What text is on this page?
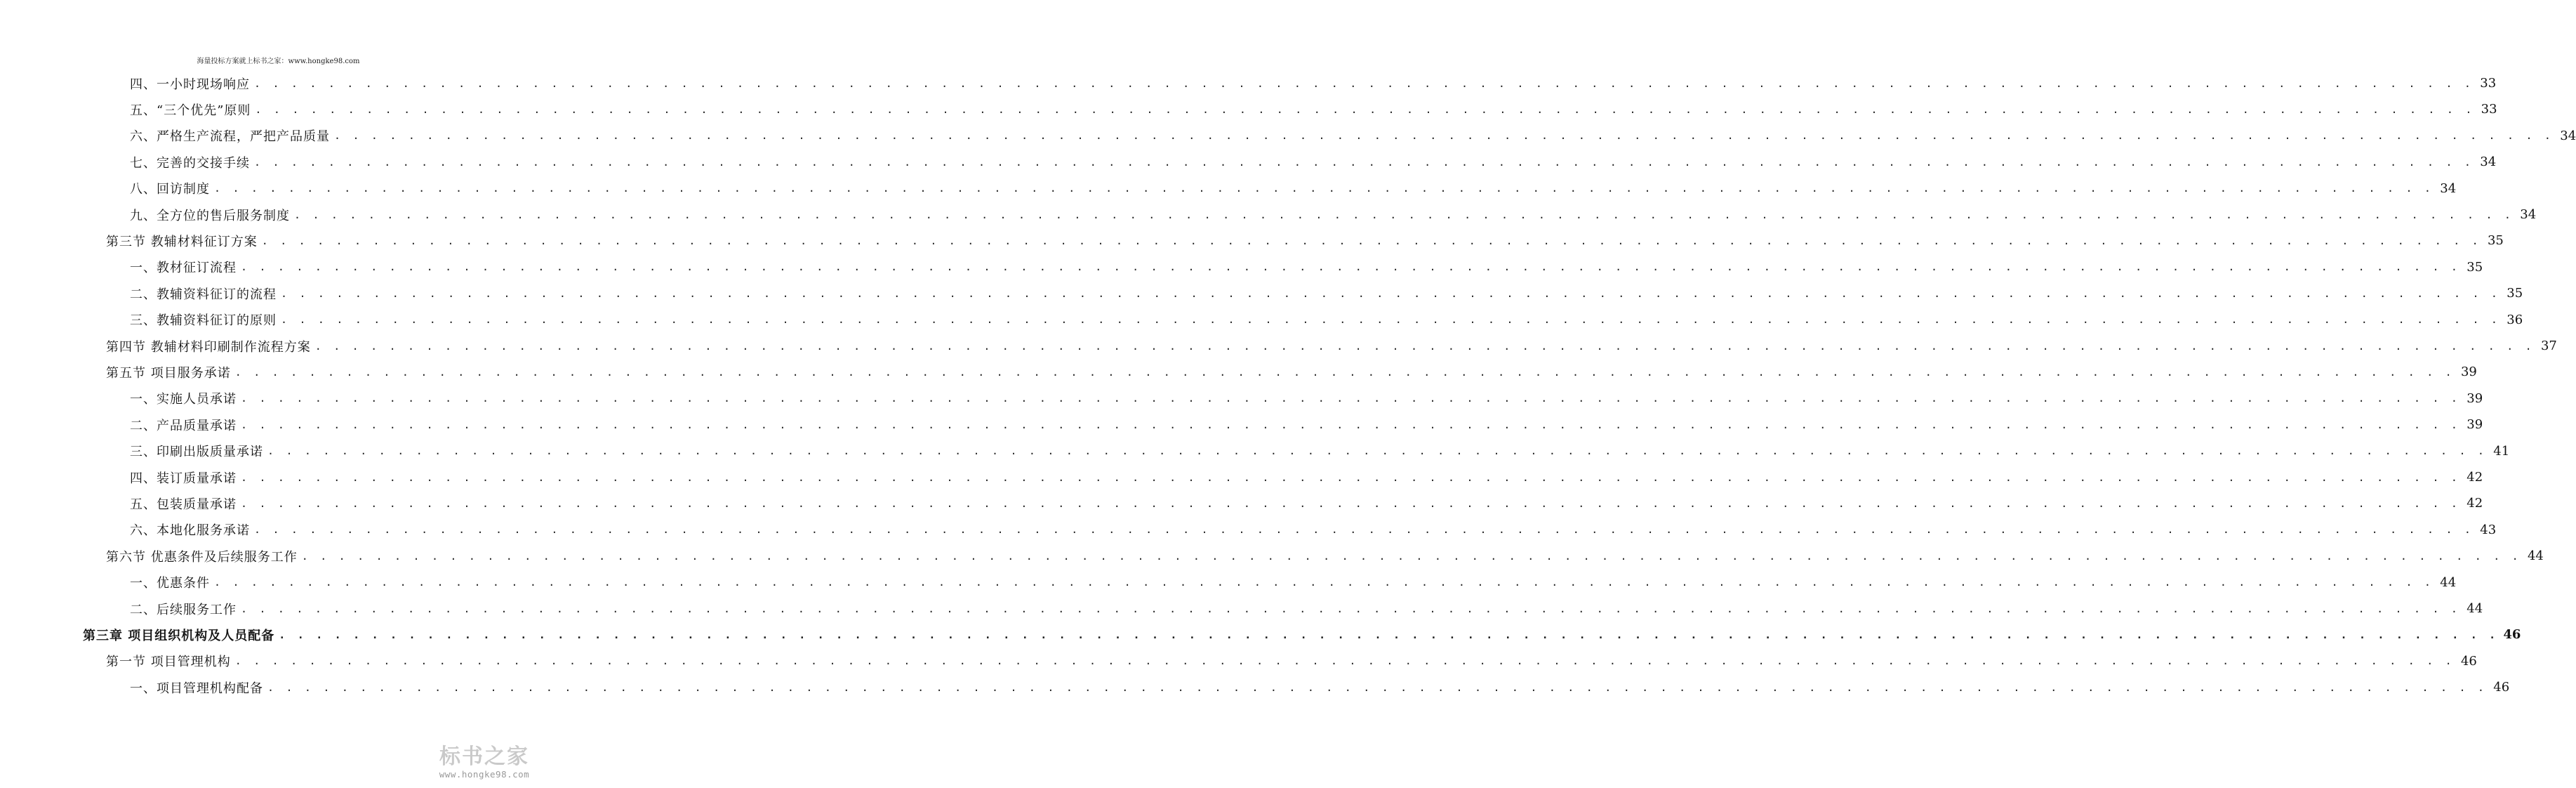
海量投标方案就上标书之家：www.hongke98.com
四、一小时现场响应 . . . . . . . . . . . . . . . . . . . . . . . . . . . . . . . . . . . . . . . . . . . . . . . . . . . . . . . . . . . . . . . . . . . . . . . . . . . . . . . . . . . . . . . . . . . . . . . . . . . . . . . . . . . . . . . . . . . . . . . . 33
五、“三个优先”原则 . . . . . . . . . . . . . . . . . . . . . . . . . . . . . . . . . . . . . . . . . . . . . . . . . . . . . . . . . . . . . . . . . . . . . . . . . . . . . . . . . . . . . . . . . . . . . . . . . . . . . . . . . . . . . . . . . . . . . . . . 33
六、严格生产流程，严把产品质量 . . . . . . . . . . . . . . . . . . . . . . . . . . . . . . . . . . . . . . . . . . . . . . . . . . . . . . . . . . . . . . . . . . . . . . . . . . . . . . . . . . . . . . . . . . . . . . . . . . . . . . . . . . . . . . . . . . . . . . . . 34
七、完善的交接手续 . . . . . . . . . . . . . . . . . . . . . . . . . . . . . . . . . . . . . . . . . . . . . . . . . . . . . . . . . . . . . . . . . . . . . . . . . . . . . . . . . . . . . . . . . . . . . . . . . . . . . . . . . . . . . . . . . . . . . . . . 34
八、回访制度 . . . . . . . . . . . . . . . . . . . . . . . . . . . . . . . . . . . . . . . . . . . . . . . . . . . . . . . . . . . . . . . . . . . . . . . . . . . . . . . . . . . . . . . . . . . . . . . . . . . . . . . . . . . . . . . . . . . . . . . . 34
九、全方位的售后服务制度 . . . . . . . . . . . . . . . . . . . . . . . . . . . . . . . . . . . . . . . . . . . . . . . . . . . . . . . . . . . . . . . . . . . . . . . . . . . . . . . . . . . . . . . . . . . . . . . . . . . . . . . . . . . . . . . . . . . . . . . . 34
第三节 教辅材料征订方案 . . . . . . . . . . . . . . . . . . . . . . . . . . . . . . . . . . . . . . . . . . . . . . . . . . . . . . . . . . . . . . . . . . . . . . . . . . . . . . . . . . . . . . . . . . . . . . . . . . . . . . . . . . . . . . . . . . . . . . . . 35
一、教材征订流程 . . . . . . . . . . . . . . . . . . . . . . . . . . . . . . . . . . . . . . . . . . . . . . . . . . . . . . . . . . . . . . . . . . . . . . . . . . . . . . . . . . . . . . . . . . . . . . . . . . . . . . . . . . . . . . . . . . . . . . . . 35
二、教辅资料征订的流程 . . . . . . . . . . . . . . . . . . . . . . . . . . . . . . . . . . . . . . . . . . . . . . . . . . . . . . . . . . . . . . . . . . . . . . . . . . . . . . . . . . . . . . . . . . . . . . . . . . . . . . . . . . . . . . . . . . . . . . . . 35
三、教辅资料征订的原则 . . . . . . . . . . . . . . . . . . . . . . . . . . . . . . . . . . . . . . . . . . . . . . . . . . . . . . . . . . . . . . . . . . . . . . . . . . . . . . . . . . . . . . . . . . . . . . . . . . . . . . . . . . . . . . . . . . . . . . . . 36
第四节 教辅材料印刷制作流程方案 . . . . . . . . . . . . . . . . . . . . . . . . . . . . . . . . . . . . . . . . . . . . . . . . . . . . . . . . . . . . . . . . . . . . . . . . . . . . . . . . . . . . . . . . . . . . . . . . . . . . . . . . . . . . . . . . . . . . . . . . 37
第五节 项目服务承诺 . . . . . . . . . . . . . . . . . . . . . . . . . . . . . . . . . . . . . . . . . . . . . . . . . . . . . . . . . . . . . . . . . . . . . . . . . . . . . . . . . . . . . . . . . . . . . . . . . . . . . . . . . . . . . . . . . . . . . . . . 39
一、实施人员承诺 . . . . . . . . . . . . . . . . . . . . . . . . . . . . . . . . . . . . . . . . . . . . . . . . . . . . . . . . . . . . . . . . . . . . . . . . . . . . . . . . . . . . . . . . . . . . . . . . . . . . . . . . . . . . . . . . . . . . . . . . 39
二、产品质量承诺 . . . . . . . . . . . . . . . . . . . . . . . . . . . . . . . . . . . . . . . . . . . . . . . . . . . . . . . . . . . . . . . . . . . . . . . . . . . . . . . . . . . . . . . . . . . . . . . . . . . . . . . . . . . . . . . . . . . . . . . . 39
三、印刷出版质量承诺 . . . . . . . . . . . . . . . . . . . . . . . . . . . . . . . . . . . . . . . . . . . . . . . . . . . . . . . . . . . . . . . . . . . . . . . . . . . . . . . . . . . . . . . . . . . . . . . . . . . . . . . . . . . . . . . . . . . . . . . . 41
四、装订质量承诺 . . . . . . . . . . . . . . . . . . . . . . . . . . . . . . . . . . . . . . . . . . . . . . . . . . . . . . . . . . . . . . . . . . . . . . . . . . . . . . . . . . . . . . . . . . . . . . . . . . . . . . . . . . . . . . . . . . . . . . . . 42
五、包装质量承诺 . . . . . . . . . . . . . . . . . . . . . . . . . . . . . . . . . . . . . . . . . . . . . . . . . . . . . . . . . . . . . . . . . . . . . . . . . . . . . . . . . . . . . . . . . . . . . . . . . . . . . . . . . . . . . . . . . . . . . . . . 42
六、本地化服务承诺 . . . . . . . . . . . . . . . . . . . . . . . . . . . . . . . . . . . . . . . . . . . . . . . . . . . . . . . . . . . . . . . . . . . . . . . . . . . . . . . . . . . . . . . . . . . . . . . . . . . . . . . . . . . . . . . . . . . . . . . . 43
第六节 优惠条件及后续服务工作 . . . . . . . . . . . . . . . . . . . . . . . . . . . . . . . . . . . . . . . . . . . . . . . . . . . . . . . . . . . . . . . . . . . . . . . . . . . . . . . . . . . . . . . . . . . . . . . . . . . . . . . . . . . . . . . . . . . . . . . . 44
一、优惠条件 . . . . . . . . . . . . . . . . . . . . . . . . . . . . . . . . . . . . . . . . . . . . . . . . . . . . . . . . . . . . . . . . . . . . . . . . . . . . . . . . . . . . . . . . . . . . . . . . . . . . . . . . . . . . . . . . . . . . . . . . 44
二、后续服务工作 . . . . . . . . . . . . . . . . . . . . . . . . . . . . . . . . . . . . . . . . . . . . . . . . . . . . . . . . . . . . . . . . . . . . . . . . . . . . . . . . . . . . . . . . . . . . . . . . . . . . . . . . . . . . . . . . . . . . . . . . 44
第三章 项目组织机构及人员配备 . . . . . . . . . . . . . . . . . . . . . . . . . . . . . . . . . . . . . . . . . . . . . . . . . . . . . . . . . . . . . . . . . . . . . . . . . . . . . . . . . . . . . . . . . . . . . . . . . . . . . . . . . . . . . . . . . . . . . . . . 46
第一节 项目管理机构 . . . . . . . . . . . . . . . . . . . . . . . . . . . . . . . . . . . . . . . . . . . . . . . . . . . . . . . . . . . . . . . . . . . . . . . . . . . . . . . . . . . . . . . . . . . . . . . . . . . . . . . . . . . . . . . . . . . . . . . . 46
一、项目管理机构配备 . . . . . . . . . . . . . . . . . . . . . . . . . . . . . . . . . . . . . . . . . . . . . . . . . . . . . . . . . . . . . . . . . . . . . . . . . . . . . . . . . . . . . . . . . . . . . . . . . . . . . . . . . . . . . . . . . . . . . . . . 46
标书之家
www.hongke98.com
